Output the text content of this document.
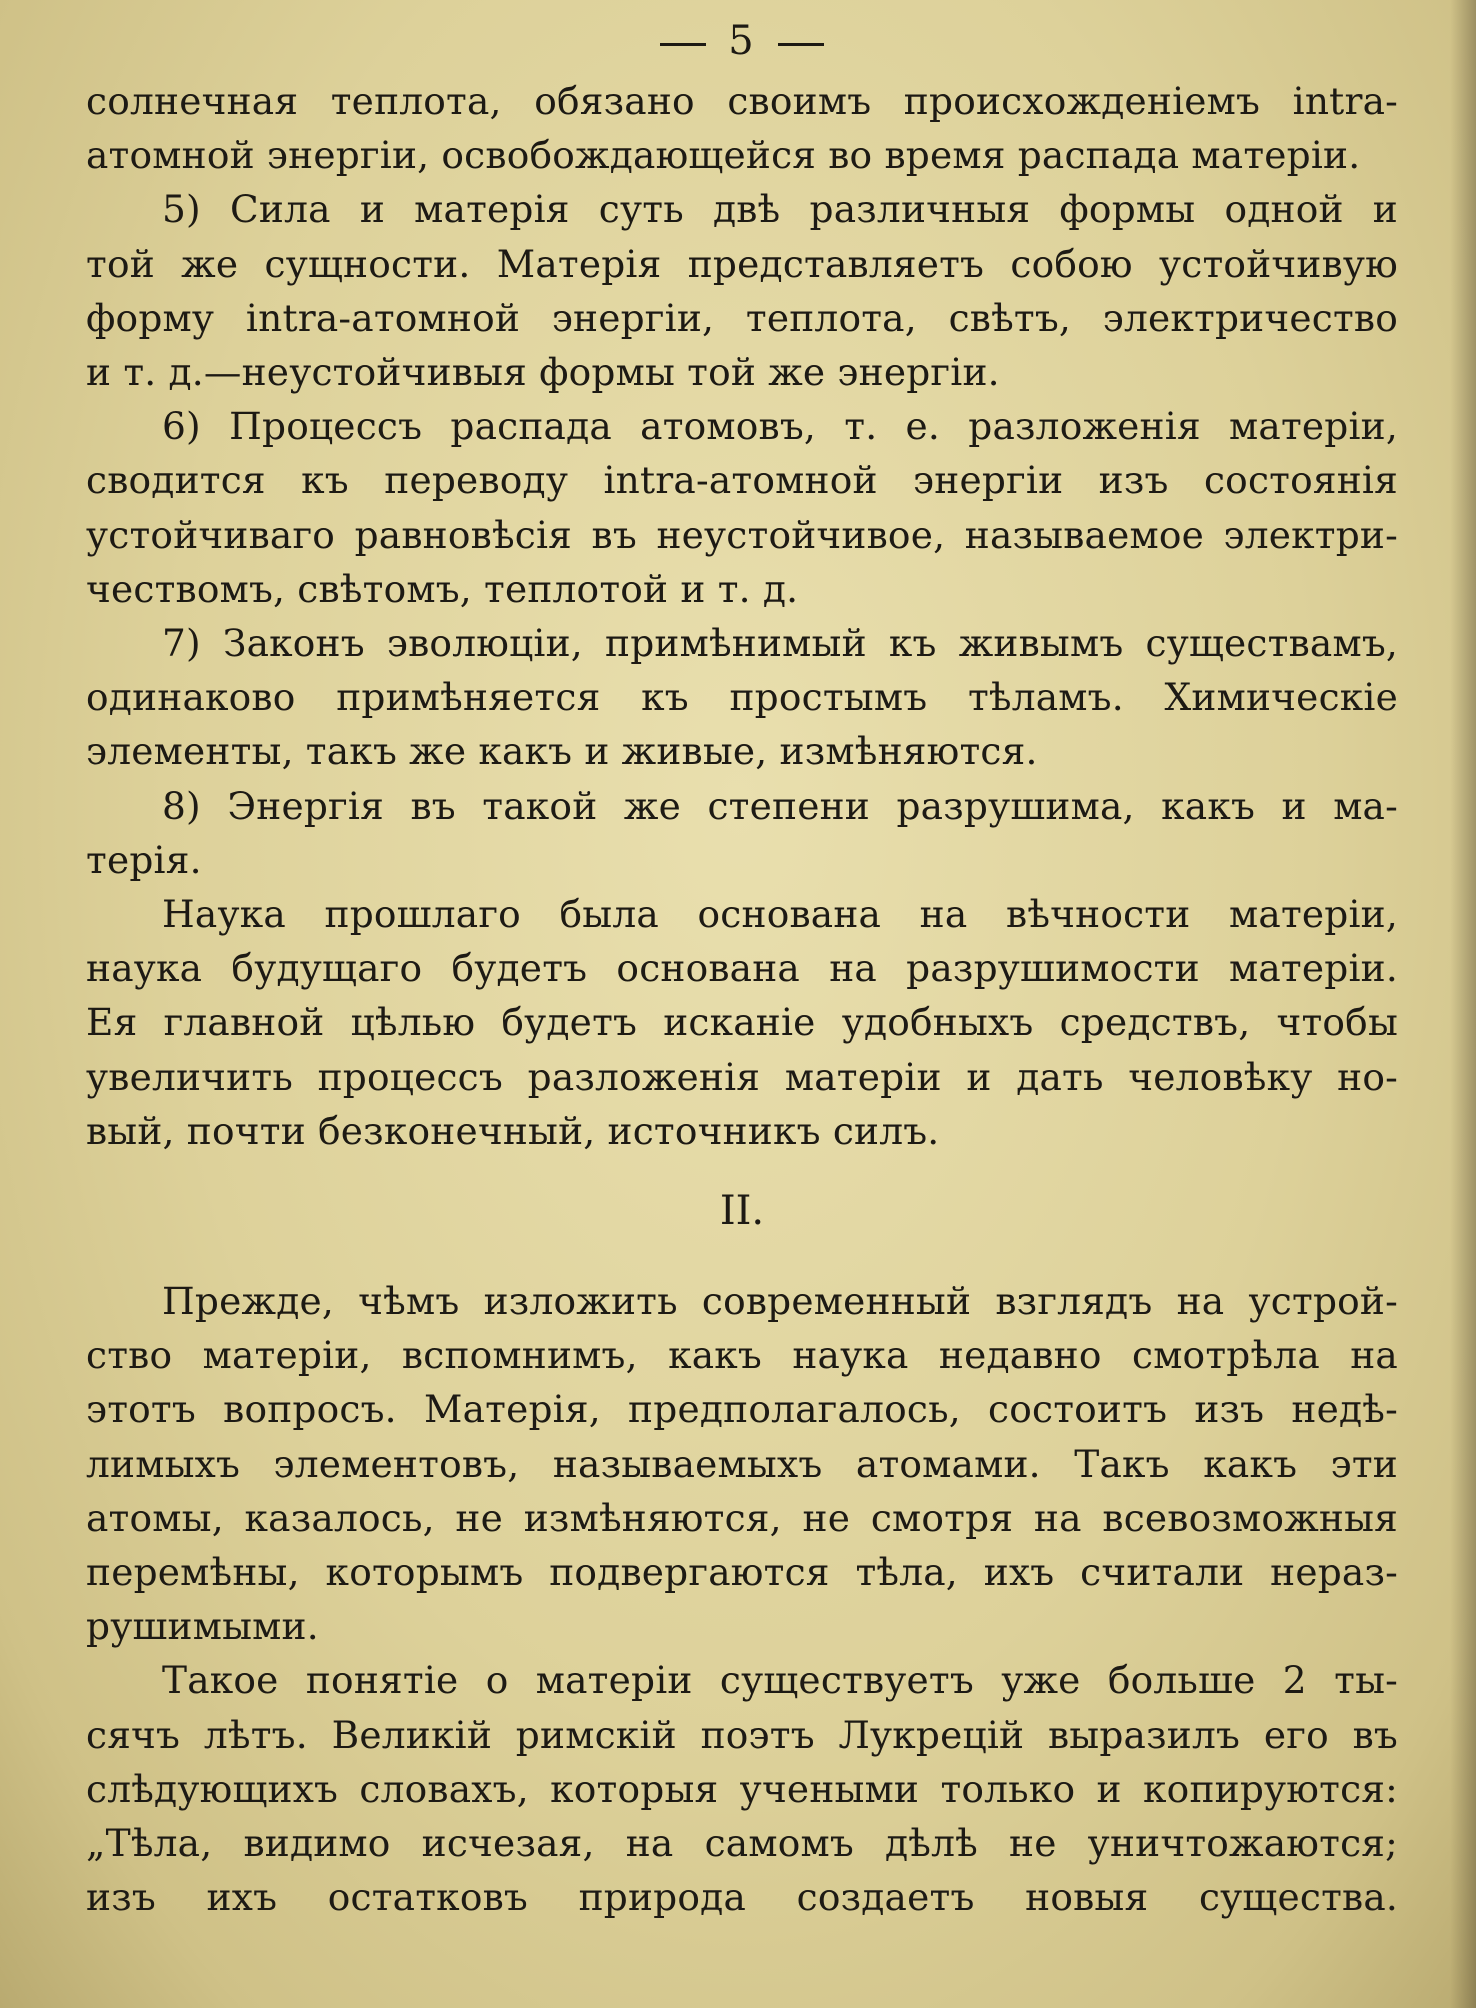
5
солнечная теплота, обязано своимъ происхожденіемъ intra-
атомной энергіи, освобождающейся во время распада матеріи.
5) Сила и матерія суть двѣ различныя формы одной и
той же сущности. Матерія представляетъ собою устойчивую
форму intra-атомной энергіи, теплота, свѣтъ, электричество
и т. д.—неустойчивыя формы той же энергіи.
6) Процессъ распада атомовъ, т. е. разложенія матеріи,
сводится къ переводу intra-атомной энергіи изъ состоянія
устойчиваго равновѣсія въ неустойчивое, называемое электри-
чествомъ, свѣтомъ, теплотой и т. д.
7) Законъ эволюціи, примѣнимый къ живымъ существамъ,
одинаково примѣняется къ простымъ тѣламъ. Химическіе
элементы, такъ же какъ и живые, измѣняются.
8) Энергія въ такой же степени разрушима, какъ и ма-
терія.
Наука прошлаго была основана на вѣчности матеріи,
наука будущаго будетъ основана на разрушимости матеріи.
Ея главной цѣлью будетъ исканіе удобныхъ средствъ, чтобы
увеличить процессъ разложенія матеріи и дать человѣку но-
вый, почти безконечный, источникъ силъ.
II.
Прежде, чѣмъ изложить современный взглядъ на устрой-
ство матеріи, вспомнимъ, какъ наука недавно смотрѣла на
этотъ вопросъ. Матерія, предполагалось, состоитъ изъ недѣ-
лимыхъ элементовъ, называемыхъ атомами. Такъ какъ эти
атомы, казалось, не измѣняются, не смотря на всевозможныя
перемѣны, которымъ подвергаются тѣла, ихъ считали нераз-
рушимыми.
Такое понятіе о матеріи существуетъ уже больше 2 ты-
сячъ лѣтъ. Великій римскій поэтъ Лукрецій выразилъ его въ
слѣдующихъ словахъ, которыя учеными только и копируются:
„Тѣла, видимо исчезая, на самомъ дѣлѣ не уничтожаются;
изъ ихъ остатковъ природа создаетъ новыя существа.
